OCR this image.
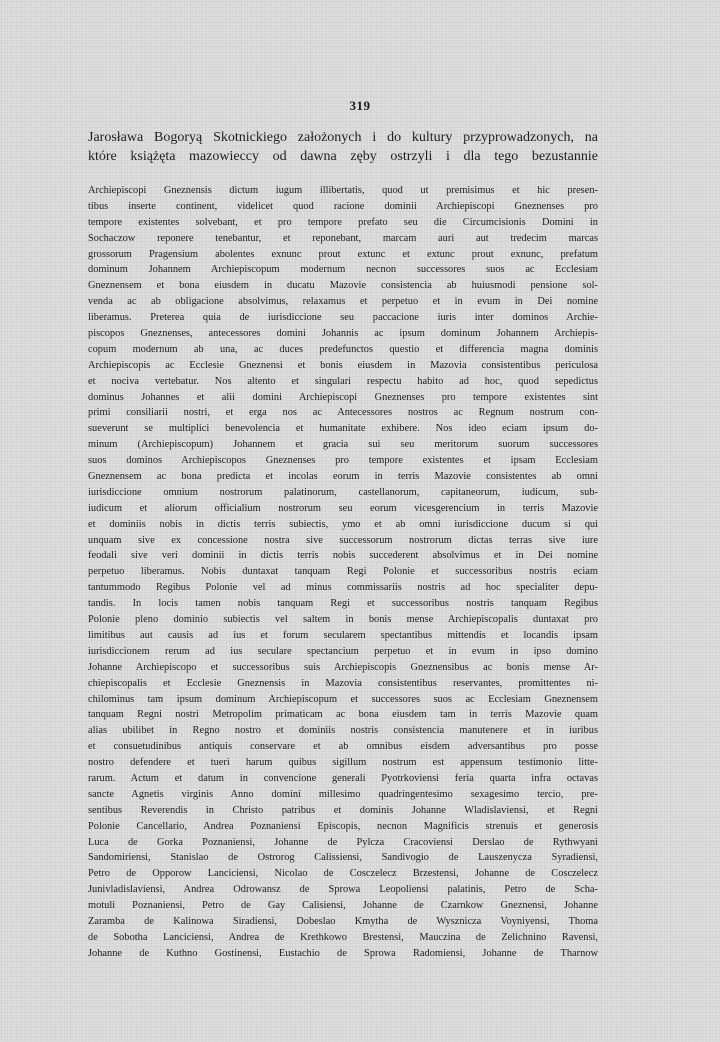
319
Jarosława Bogoryą Skotnickiego założonych i do kultury przyprowadzonych, na
które książęta mazowieccy od dawna zęby ostrzyli i dla tego bezustannie
Archiepiscopi Gneznensis dictum iugum illibertatis, quod ut premisimus et hic presen-
tibus inserte continent, videlicet quod racione dominii Archiepiscopi Gneznenses pro
tempore existentes solvebant, et pro tempore prefato seu die Circumcisionis Domini in
Sochaczow reponere tenebantur, et reponebant, marcam auri aut tredecim marcas
grossorum Pragensium abolentes exnunc prout extunc et extunc prout exnunc, prefatum
dominum Johannem Archiepiscopum modernum necnon successores suos ac Ecclesiam
Gneznensem et bona eiusdem in ducatu Mazovie consistencia ab huiusmodi pensione sol-
venda ac ab obligacione absolvimus, relaxamus et perpetuo et in evum in Dei nomine
liberamus. Preterea quia de iurisdiccione seu paccacione iuris inter dominos Archie-
piscopos Gneznenses, antecessores domini Johannis ac ipsum dominum Johannem Archiepis-
copum modernum ab una, ac duces predefunctos questio et differencia magna dominis
Archiepiscopis ac Ecclesie Gneznensi et bonis eiusdem in Mazovia consistentibus periculosa
et nociva vertebatur. Nos altento et singulari respectu habito ad hoc, quod sepedictus
dominus Johannes et alii domini Archiepiscopi Gneznenses pro tempore existentes sint
primi consiliarii nostri, et erga nos ac Antecessores nostros ac Regnum nostrum con-
sueverunt se multiplici benevolencia et humanitate exhibere. Nos ideo eciam ipsum do-
minum (Archiepiscopum) Johannem et gracia sui seu meritorum suorum successores
suos dominos Archiepiscopos Gneznenses pro tempore existentes et ipsam Ecclesiam
Gneznensem ac bona predicta et incolas eorum in terris Mazovie consistentes ab omni
iurisdiccione omnium nostrorum palatinorum, castellanorum, capitaneorum, iudicum, sub-
iudicum et aliorum officialium nostrorum seu eorum vicesgerencium in terris Mazovie
et dominiis nobis in dictis terris subiectis, ymo et ab omni iurisdiccione ducum si qui
unquam sive ex concessione nostra sive successorum nostrorum dictas terras sive iure
feodali sive veri dominii in dictis terris nobis succederent absolvimus et in Dei nomine
perpetuo liberamus. Nobis duntaxat tanquam Regi Polonie et successoribus nostris eciam
tantummodo Regibus Polonie vel ad minus commissariis nostris ad hoc specialiter depu-
tandis. In locis tamen nobis tanquam Regi et successoribus nostris tanquam Regibus
Polonie pleno dominio subiectis vel saltem in bonis mense Archiepiscopalis duntaxat pro
limitibus aut causis ad ius et forum secularem spectantibus mittendis et locandis ipsam
iurisdiccionem rerum ad ius seculare spectancium perpetuo et in evum in ipso domino
Johanne Archiepiscopo et successoribus suis Archiepiscopis Gneznensibus ac bonis mense Ar-
chiepiscopalis et Ecclesie Gneznensis in Mazovia consistentibus reservantes, promittentes ni-
chilominus tam ipsum dominum Archiepiscopum et successores suos ac Ecclesiam Gneznensem
tanquam Regni nostri Metropolim primaticam ac bona eiusdem tam in terris Mazovie quam
alias ubilibet in Regno nostro et dominiis nostris consistencia manutenere et in iuribus
et consuetudinibus antiquis conservare et ab omnibus eisdem adversantibus pro posse
nostro defendere et tueri harum quibus sigillum nostrum est appensum testimonio litte-
rarum. Actum et datum in convencione generali Pyotrkoviensi feria quarta infra octavas
sancte Agnetis virginis Anno domini millesimo quadringentesimo sexagesimo tercio, pre-
sentibus Reverendis in Christo patribus et dominis Johanne Wladislaviensi, et Regni
Polonie Cancellario, Andrea Poznaniensi Episcopis, necnon Magnificis strenuis et generosis
Luca de Gorka Poznaniensi, Johanne de Pylcza Cracoviensi Derslao de Rythwyani
Sandomiriensi, Stanislao de Ostrorog Calissiensi, Sandivogio de Lauszenycza Syradiensi,
Petro de Opporow Lanciciensi, Nicolao de Cosczelecz Brzestensi, Johanne de Cosczelecz
Junivladislaviensi, Andrea Odrowansz de Sprowa Leopoliensi palatinis, Petro de Scha-
motuli Poznaniensi, Petro de Gay Calisiensi, Johanne de Czarnkow Gneznensi, Johanne
Zaramba de Kalinowa Siradiensi, Dobeslao Kmytha de Wysznicza Voyniyensi, Thoma
de Sobotha Lanciciensi, Andrea de Krethkowo Brestensi, Mauczina de Zelichnino Ravensi,
Johanne de Kuthno Gostinensi, Eustachio de Sprowa Radomiensi, Johanne de Tharnow
